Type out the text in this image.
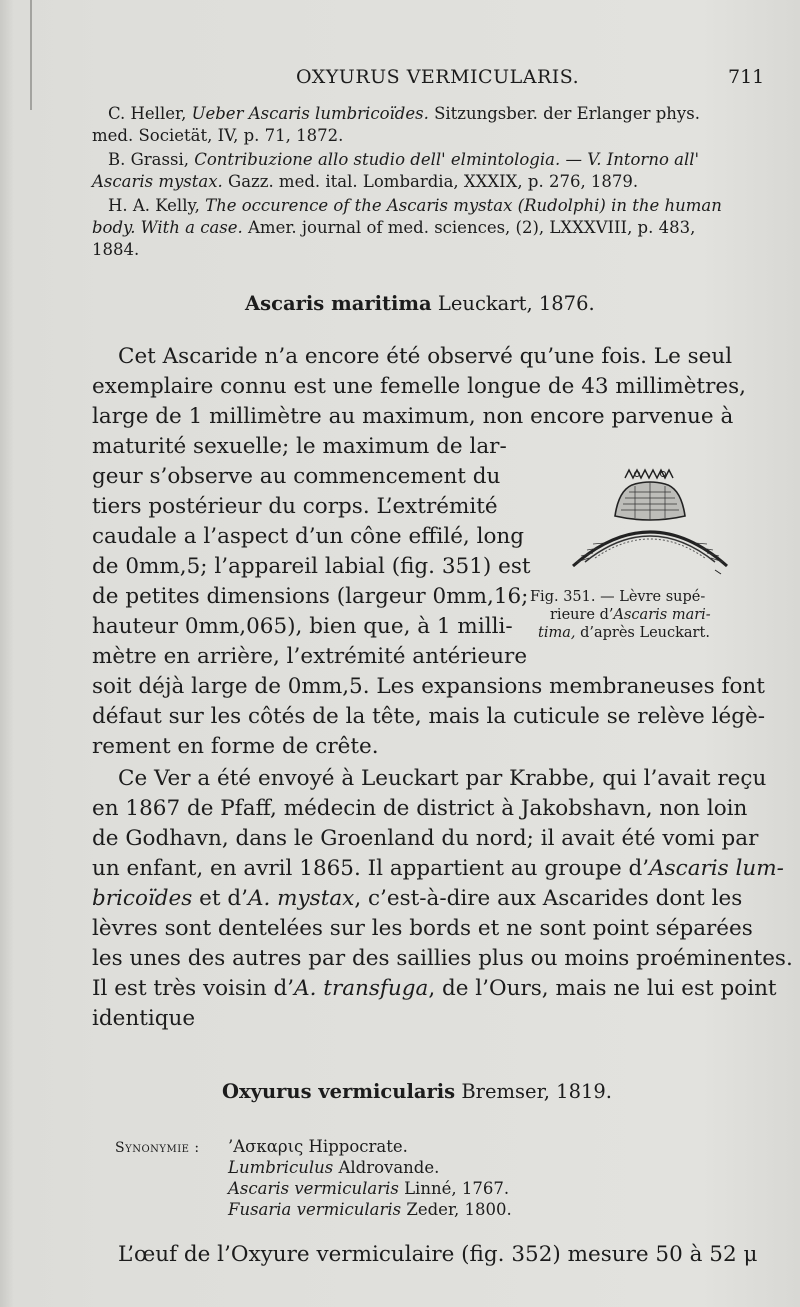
OXYURUS VERMICULARIS.	711
C. Heller, Ueber Ascaris lumbricoïdes. Sitzungsber. der Erlanger phys.
med. Societät, IV, p. 71, 1872.
B. Grassi, Contribuzione allo studio dell' elmintologia. — V. Intorno all'
Ascaris mystax. Gazz. med. ital. Lombardia, XXXIX, p. 276, 1879.
H. A. Kelly, The occurence of the Ascaris mystax (Rudolphi) in the human
body. With a case. Amer. journal of med. sciences, (2), LXXXVIII, p. 483,
1884.
Ascaris maritima Leuckart, 1876.
Cet Ascaride n’a encore été observé qu’une fois. Le seul
exemplaire connu est une femelle longue de 43 millimètres,
large de 1 millimètre au maximum, non encore parvenue à
maturité sexuelle; le maximum de lar-
geur s’observe au commencement du
tiers postérieur du corps. L’extrémité
caudale a l’aspect d’un cône effilé, long
de 0mm,5; l’appareil labial (fig. 351) est
de petites dimensions (largeur 0mm,16;
hauteur 0mm,065), bien que, à 1 milli-
mètre en arrière, l’extrémité antérieure
soit déjà large de 0mm,5. Les expansions membraneuses font
défaut sur les côtés de la tête, mais la cuticule se relève légè-
rement en forme de crête.
Fig. 351. — Lèvre supé-
rieure d’Ascaris mari-
tima, d’après Leuckart.
Ce Ver a été envoyé à Leuckart par Krabbe, qui l’avait reçu
en 1867 de Pfaff, médecin de district à Jakobshavn, non loin
de Godhavn, dans le Groenland du nord; il avait été vomi par
un enfant, en avril 1865. Il appartient au groupe d’Ascaris lum-
bricoïdes et d’A. mystax, c’est-à-dire aux Ascarides dont les
lèvres sont dentelées sur les bords et ne sont point séparées
les unes des autres par des saillies plus ou moins proéminentes.
Il est très voisin d’A. transfuga, de l’Ours, mais ne lui est point
identique
Oxyurus vermicularis Bremser, 1819.
Synonymie : ’Ασκαρις Hippocrate.
Lumbriculus Aldrovande.
Ascaris vermicularis Linné, 1767.
Fusaria vermicularis Zeder, 1800.
L’œuf de l’Oxyure vermiculaire (fig. 352) mesure 50 à 52 μ
